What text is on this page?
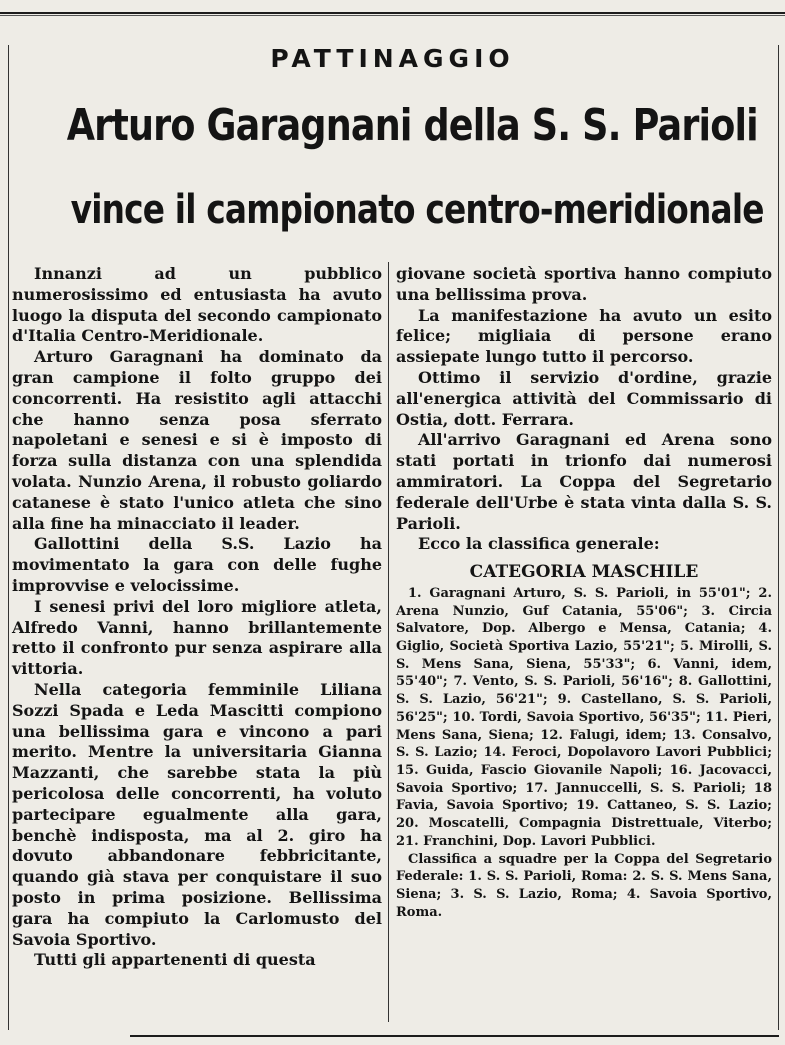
PATTINAGGIO
Arturo Garagnani della S. S. Parioli
vince il campionato centro-meridionale

Innanzi ad un pubblico numerosissimo ed entusiasta ha avuto luogo la disputa del secondo campionato d'Italia Centro-Meridionale.

Arturo Garagnani ha dominato da gran campione il folto gruppo dei concorrenti. Ha resistito agli attacchi che hanno senza posa sferrato napoletani e senesi e si è imposto di forza sulla distanza con una splendida volata. Nunzio Arena, il robusto goliardo catanese è stato l'unico atleta che sino alla fine ha minacciato il leader.

Gallottini della S.S. Lazio ha movimentato la gara con delle fughe improvvise e velocissime.

I senesi privi del loro migliore atleta, Alfredo Vanni, hanno brillantemente retto il confronto pur senza aspirare alla vittoria.

Nella categoria femminile Liliana Sozzi Spada e Leda Mascitti compiono una bellissima gara e vincono a pari merito. Mentre la universitaria Gianna Mazzanti, che sarebbe stata la più pericolosa delle concorrenti, ha voluto partecipare egualmente alla gara, benchè indisposta, ma al 2. giro ha dovuto abbandonare febbricitante, quando già stava per conquistare il suo posto in prima posizione. Bellissima gara ha compiuto la Carlomusto del Savoia Sportivo.

Tutti gli appartenenti di questa

giovane società sportiva hanno compiuto una bellissima prova.

La manifestazione ha avuto un esito felice; migliaia di persone erano assiepate lungo tutto il percorso.

Ottimo il servizio d'ordine, grazie all'energica attività del Commissario di Ostia, dott. Ferrara.

All'arrivo Garagnani ed Arena sono stati portati in trionfo dai numerosi ammiratori. La Coppa del Segretario federale dell'Urbe è stata vinta dalla S. S. Parioli.

Ecco la classifica generale:

CATEGORIA MASCHILE

1. Garagnani Arturo, S. S. Parioli, in 55'01"; 2. Arena Nunzio, Guf Catania, 55'06"; 3. Circia Salvatore, Dop. Albergo e Mensa, Catania; 4. Giglio, Società Sportiva Lazio, 55'21"; 5. Mirolli, S. S. Mens Sana, Siena, 55'33"; 6. Vanni, idem, 55'40"; 7. Vento, S. S. Parioli, 56'16"; 8. Gallottini, S. S. Lazio, 56'21"; 9. Castellano, S. S. Parioli, 56'25"; 10. Tordi, Savoia Sportivo, 56'35"; 11. Pieri, Mens Sana, Siena; 12. Falugi, idem; 13. Consalvo, S. S. Lazio; 14. Feroci, Dopolavoro Lavori Pubblici; 15. Guida, Fascio Giovanile Napoli; 16. Jacovacci, Savoia Sportivo; 17. Jannuccelli, S. S. Parioli; 18 Favia, Savoia Sportivo; 19. Cattaneo, S. S. Lazio; 20. Moscatelli, Compagnia Distrettuale, Viterbo; 21. Franchini, Dop. Lavori Pubblici.

Classifica a squadre per la Coppa del Segretario Federale: 1. S. S. Parioli, Roma: 2. S. S. Mens Sana, Siena; 3. S. S. Lazio, Roma; 4. Savoia Sportivo, Roma.
